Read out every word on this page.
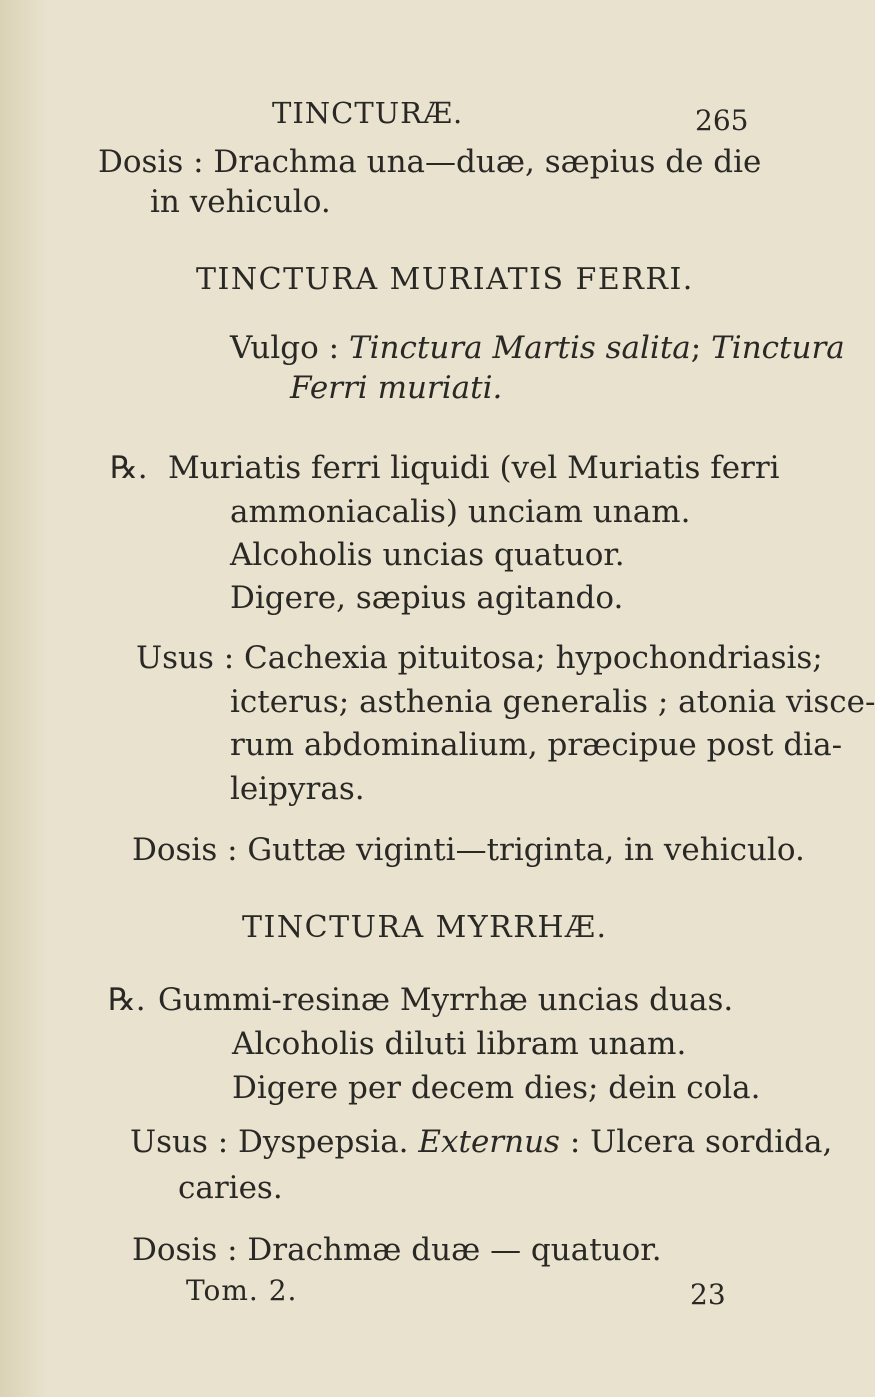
TINCTURÆ.	265
Dosis : Drachma una—duæ, sæpius de die
in vehiculo.
TINCTURA MURIATIS FERRI.
Vulgo : Tinctura Martis salita; Tinctura
Ferri muriati.
℞. Muriatis ferri liquidi (vel Muriatis ferri
ammoniacalis) unciam unam.
Alcoholis uncias quatuor.
Digere, sæpius agitando.
Usus : Cachexia pituitosa; hypochondriasis;
icterus; asthenia generalis ; atonia visce-
rum abdominalium, præcipue post dia-
leipyras.
Dosis : Guttæ viginti—triginta, in vehiculo.
TINCTURA MYRRHÆ.
℞. Gummi-resinæ Myrrhæ uncias duas.
Alcoholis diluti libram unam.
Digere per decem dies; dein cola.
Usus : Dyspepsia. Externus : Ulcera sordida,
caries.
Dosis : Drachmæ duæ — quatuor.
Tom. 2.	23
